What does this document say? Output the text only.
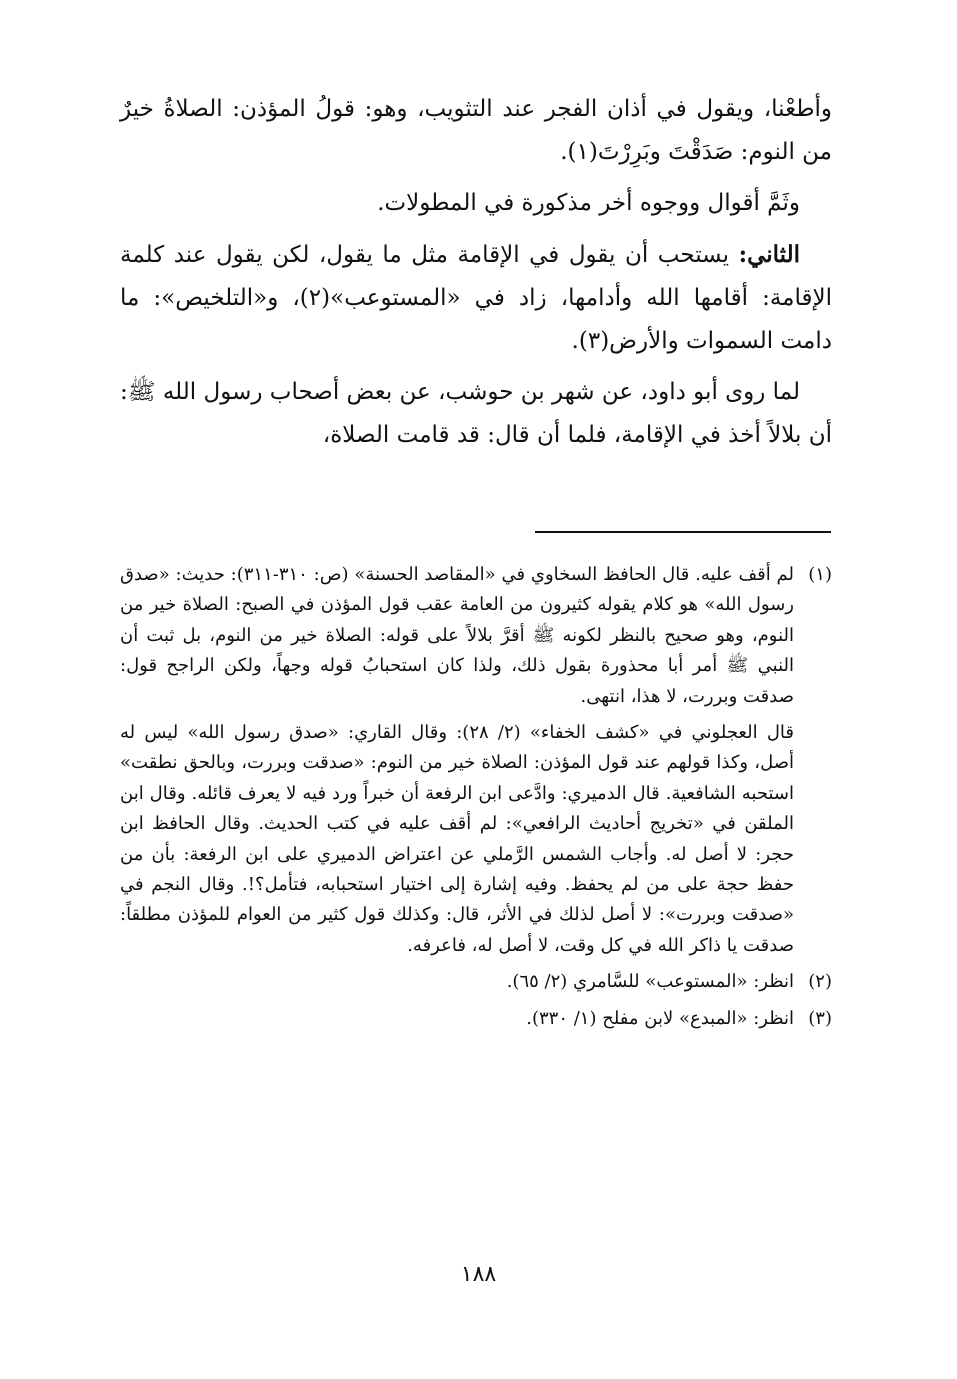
وأطعْنا، ويقول في أذان الفجر عند التثويب، وهو: قولُ المؤذن: الصلاةُ خيرٌ من النوم: صَدَقْتَ وبَرِرْتَ(١).

وثَمَّ أقوال ووجوه أخر مذكورة في المطولات.

الثاني: يستحب أن يقول في الإقامة مثل ما يقول، لكن يقول عند كلمة الإقامة: أقامها الله وأدامها، زاد في «المستوعب»(٢)، و«التلخيص»: ما دامت السموات والأرض(٣).

لما روى أبو داود، عن شهر بن حوشب، عن بعض أصحاب رسول الله ﷺ: أن بلالاً أخذ في الإقامة، فلما أن قال: قد قامت الصلاة،

(١)

لم أقف عليه. قال الحافظ السخاوي في «المقاصد الحسنة» (ص: ٣١٠-٣١١): حديث: «صدق رسول الله» هو كلام يقوله كثيرون من العامة عقب قول المؤذن في الصبح: الصلاة خير من النوم، وهو صحيح بالنظر لكونه ﷺ أقرَّ بلالاً على قوله: الصلاة خير من النوم، بل ثبت أن النبي ﷺ أمر أبا محذورة بقول ذلك، ولذا كان استحبابُ قوله وجهاً، ولكن الراجح قول: صدقت وبررت، لا هذا، انتهى.

قال العجلوني في «كشف الخفاء» (٢/ ٢٨): وقال القاري: «صدق رسول الله» ليس له أصل، وكذا قولهم عند قول المؤذن: الصلاة خير من النوم: «صدقت وبررت، وبالحق نطقت» استحبه الشافعية. قال الدميري: وادَّعى ابن الرفعة أن خبراً ورد فيه لا يعرف قائله. وقال ابن الملقن في «تخريج أحاديث الرافعي»: لم أقف عليه في كتب الحديث. وقال الحافظ ابن حجر: لا أصل له. وأجاب الشمس الرَّملي عن اعتراض الدميري على ابن الرفعة: بأن من حفظ حجة على من لم يحفظ. وفيه إشارة إلى اختيار استحبابه، فتأمل؟!. وقال النجم في «صدقت وبررت»: لا أصل لذلك في الأثر، قال: وكذلك قول كثير من العوام للمؤذن مطلقاً: صدقت يا ذاكر الله في كل وقت، لا أصل له، فاعرفه.

(٢)

انظر: «المستوعب» للسَّامري (٢/ ٦٥).

(٣)

انظر: «المبدع» لابن مفلح (١/ ٣٣٠).

١٨٨
